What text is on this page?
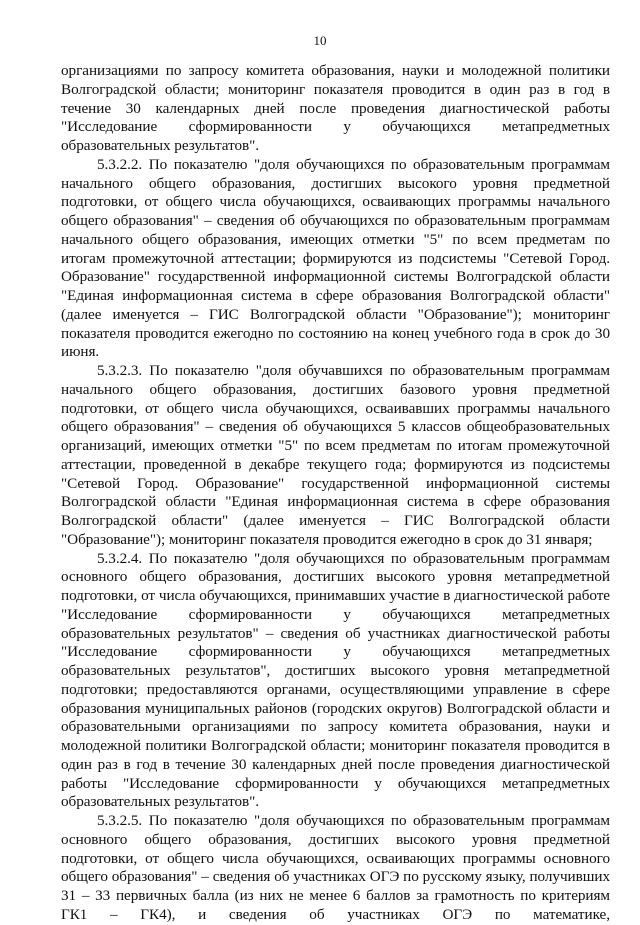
10

организациями по запросу комитета образования, науки и молодежной политики Волгоградской области; мониторинг показателя проводится в один раз в год в течение 30 календарных дней после проведения диагностической работы "Исследование сформированности у обучающихся метапредметных образовательных результатов".

5.3.2.2. По показателю "доля обучающихся по образовательным программам начального общего образования, достигших высокого уровня предметной подготовки, от общего числа обучающихся, осваивающих программы начального общего образования" – сведения об обучающихся по образовательным программам начального общего образования, имеющих отметки "5" по всем предметам по итогам промежуточной аттестации; формируются из подсистемы "Сетевой Город. Образование" государственной информационной системы Волгоградской области "Единая информационная система в сфере образования Волгоградской области" (далее именуется – ГИС Волгоградской области "Образование"); мониторинг показателя проводится ежегодно по состоянию на конец учебного года в срок до 30 июня.

5.3.2.3. По показателю "доля обучавшихся по образовательным программам начального общего образования, достигших базового уровня предметной подготовки, от общего числа обучающихся, осваивавших программы начального общего образования" – сведения об обучающихся 5 классов общеобразовательных организаций, имеющих отметки "5" по всем предметам по итогам промежуточной аттестации, проведенной в декабре текущего года; формируются из подсистемы "Сетевой Город. Образование" государственной информационной системы Волгоградской области "Единая информационная система в сфере образования Волгоградской области" (далее именуется – ГИС Волгоградской области "Образование"); мониторинг показателя проводится ежегодно в срок до 31 января;

5.3.2.4. По показателю "доля обучающихся по образовательным программам основного общего образования, достигших высокого уровня метапредметной подготовки, от числа обучающихся, принимавших участие в диагностической работе "Исследование сформированности у обучающихся метапредметных образовательных результатов" – сведения об участниках диагностической работы "Исследование сформированности у обучающихся метапредметных образовательных результатов", достигших высокого уровня метапредметной подготовки; предоставляются органами, осуществляющими управление в сфере образования муниципальных районов (городских округов) Волгоградской области и образовательными организациями по запросу комитета образования, науки и молодежной политики Волгоградской области; мониторинг показателя проводится в один раз в год в течение 30 календарных дней после проведения диагностической работы "Исследование сформированности у обучающихся метапредметных образовательных результатов".

5.3.2.5. По показателю "доля обучающихся по образовательным программам основного общего образования, достигших высокого уровня предметной подготовки, от общего числа обучающихся, осваивающих программы основного общего образования" – сведения об участниках ОГЭ по русскому языку, получивших 31 – 33 первичных балла (из них не менее 6 баллов за грамотность по критериям ГК1 – ГК4), и сведения об участниках ОГЭ по математике,
